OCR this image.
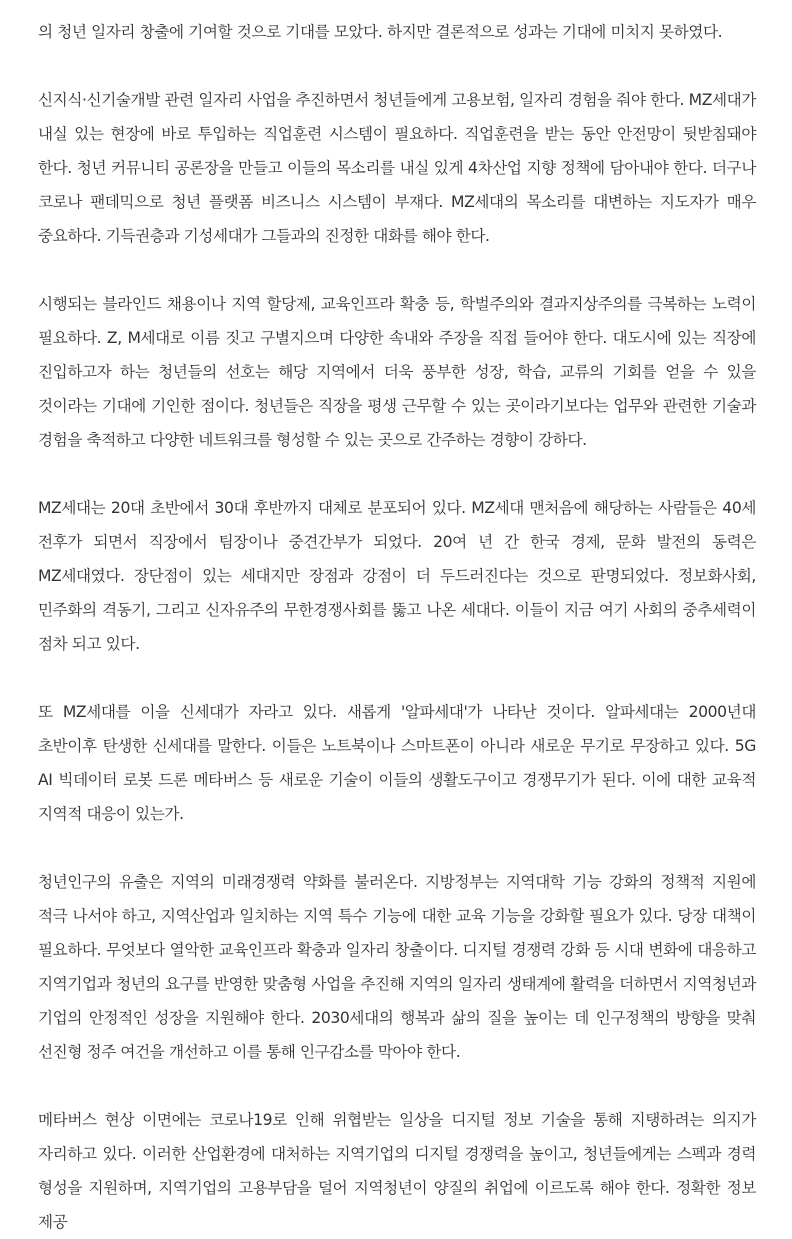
의 청년 일자리 창출에 기여할 것으로 기대를 모았다. 하지만 결론적으로 성과는 기대에 미치지 못하였다.

신지식·신기술개발 관련 일자리 사업을 추진하면서 청년들에게 고용보험, 일자리 경험을 줘야 한다. MZ세대가 내실 있는 현장에 바로 투입하는 직업훈련 시스템이 필요하다. 직업훈련을 받는 동안 안전망이 뒷받침돼야 한다. 청년 커뮤니티 공론장을 만들고 이들의 목소리를 내실 있게 4차산업 지향 정책에 담아내야 한다. 더구나 코로나 팬데믹으로 청년 플랫폼 비즈니스 시스템이 부재다. MZ세대의 목소리를 대변하는 지도자가 매우 중요하다. 기득권층과 기성세대가 그들과의 진정한 대화를 해야 한다.

시행되는 블라인드 채용이나 지역 할당제, 교육인프라 확충 등, 학벌주의와 결과지상주의를 극복하는 노력이 필요하다. Z, M세대로 이름 짓고 구별지으며 다양한 속내와 주장을 직접 들어야 한다. 대도시에 있는 직장에 진입하고자 하는 청년들의 선호는 해당 지역에서 더욱 풍부한 성장, 학습, 교류의 기회를 얻을 수 있을 것이라는 기대에 기인한 점이다. 청년들은 직장을 평생 근무할 수 있는 곳이라기보다는 업무와 관련한 기술과 경험을 축적하고 다양한 네트워크를 형성할 수 있는 곳으로 간주하는 경향이 강하다.

MZ세대는 20대 초반에서 30대 후반까지 대체로 분포되어 있다. MZ세대 맨처음에 해당하는 사람들은 40세 전후가 되면서 직장에서 팀장이나 중견간부가 되었다. 20여 년 간 한국 경제, 문화 발전의 동력은 MZ세대였다. 장단점이 있는 세대지만 장점과 강점이 더 두드러진다는 것으로 판명되었다. 정보화사회, 민주화의 격동기, 그리고 신자유주의 무한경쟁사회를 뚫고 나온 세대다. 이들이 지금 여기 사회의 중추세력이 점차 되고 있다.

또 MZ세대를 이을 신세대가 자라고 있다. 새롭게 '알파세대'가 나타난 것이다. 알파세대는 2000년대 초반이후 탄생한 신세대를 말한다. 이들은 노트북이나 스마트폰이 아니라 새로운 무기로 무장하고 있다. 5G AI 빅데이터 로봇 드론 메타버스 등 새로운 기술이 이들의 생활도구이고 경쟁무기가 된다. 이에 대한 교육적 지역적 대응이 있는가.

청년인구의 유출은 지역의 미래경쟁력 약화를 불러온다. 지방정부는 지역대학 기능 강화의 정책적 지원에 적극 나서야 하고, 지역산업과 일치하는 지역 특수 기능에 대한 교육 기능을 강화할 필요가 있다. 당장 대책이 필요하다. 무엇보다 열악한 교육인프라 확충과 일자리 창출이다. 디지털 경쟁력 강화 등 시대 변화에 대응하고 지역기업과 청년의 요구를 반영한 맞춤형 사업을 추진해 지역의 일자리 생태계에 활력을 더하면서 지역청년과 기업의 안정적인 성장을 지원해야 한다. 2030세대의 행복과 삶의 질을 높이는 데 인구정책의 방향을 맞춰 선진형 정주 여건을 개선하고 이를 통해 인구감소를 막아야 한다.

메타버스 현상 이면에는 코로나19로 인해 위협받는 일상을 디지털 정보 기술을 통해 지탱하려는 의지가 자리하고 있다. 이러한 산업환경에 대처하는 지역기업의 디지털 경쟁력을 높이고, 청년들에게는 스펙과 경력 형성을 지원하며, 지역기업의 고용부담을 덜어 지역청년이 양질의 취업에 이르도록 해야 한다. 정확한 정보 제공
